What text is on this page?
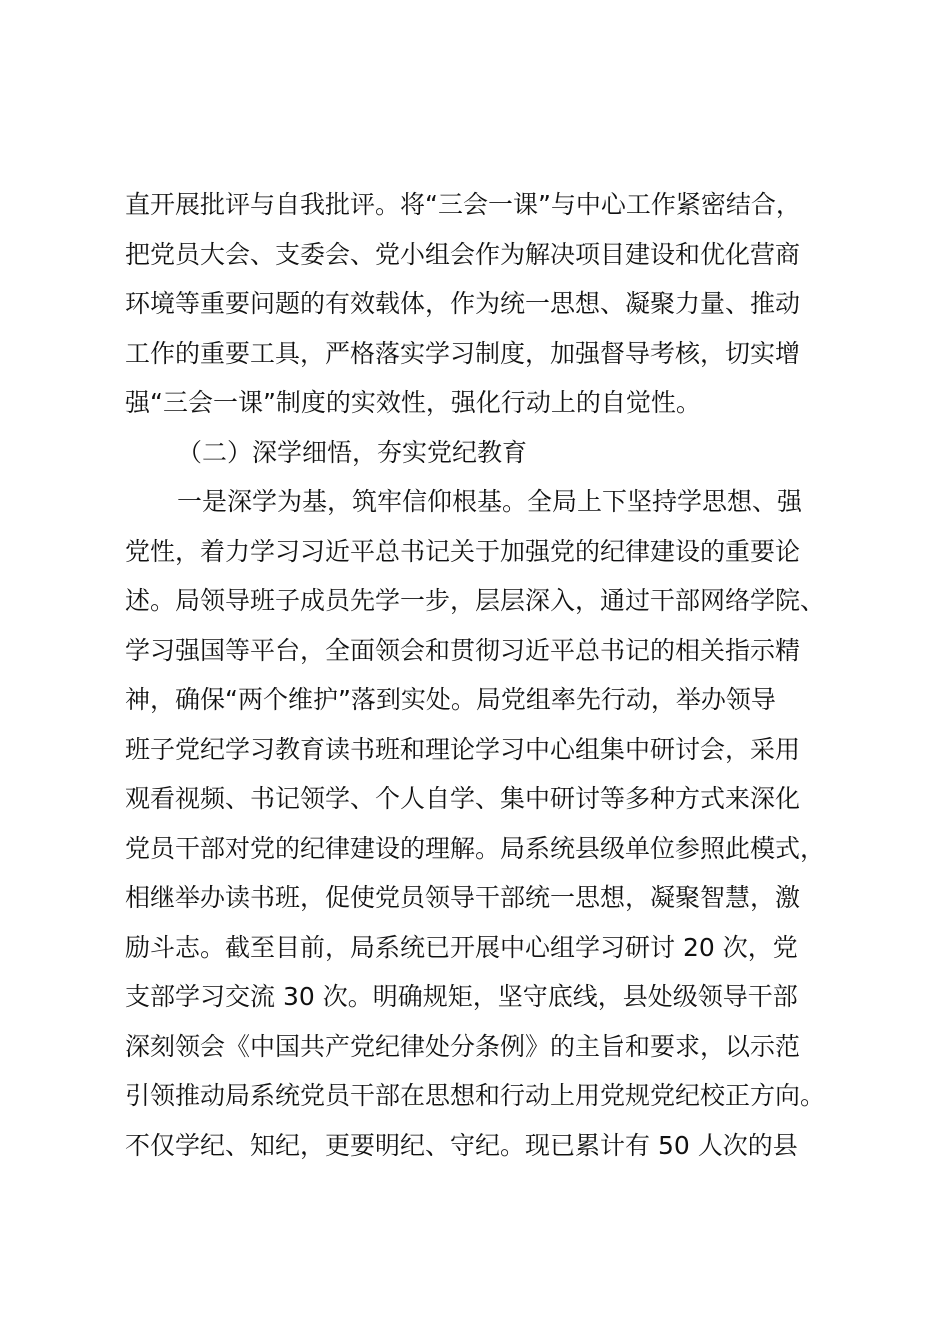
直开展批评与自我批评。将“三会一课”与中心工作紧密结合，
把党员大会、支委会、党小组会作为解决项目建设和优化营商
环境等重要问题的有效载体，作为统一思想、凝聚力量、推动
工作的重要工具，严格落实学习制度，加强督导考核，切实增
强“三会一课”制度的实效性，强化行动上的自觉性。
（二）深学细悟，夯实党纪教育
一是深学为基，筑牢信仰根基。全局上下坚持学思想、强
党性，着力学习习近平总书记关于加强党的纪律建设的重要论
述。局领导班子成员先学一步，层层深入，通过干部网络学院、
学习强国等平台，全面领会和贯彻习近平总书记的相关指示精
神，确保“两个维护”落到实处。局党组率先行动，举办领导
班子党纪学习教育读书班和理论学习中心组集中研讨会，采用
观看视频、书记领学、个人自学、集中研讨等多种方式来深化
党员干部对党的纪律建设的理解。局系统县级单位参照此模式，
相继举办读书班，促使党员领导干部统一思想，凝聚智慧，激
励斗志。截至目前，局系统已开展中心组学习研讨 20 次，党
支部学习交流 30 次。明确规矩，坚守底线，县处级领导干部
深刻领会《中国共产党纪律处分条例》的主旨和要求，以示范
引领推动局系统党员干部在思想和行动上用党规党纪校正方向。
不仅学纪、知纪，更要明纪、守纪。现已累计有 50 人次的县
